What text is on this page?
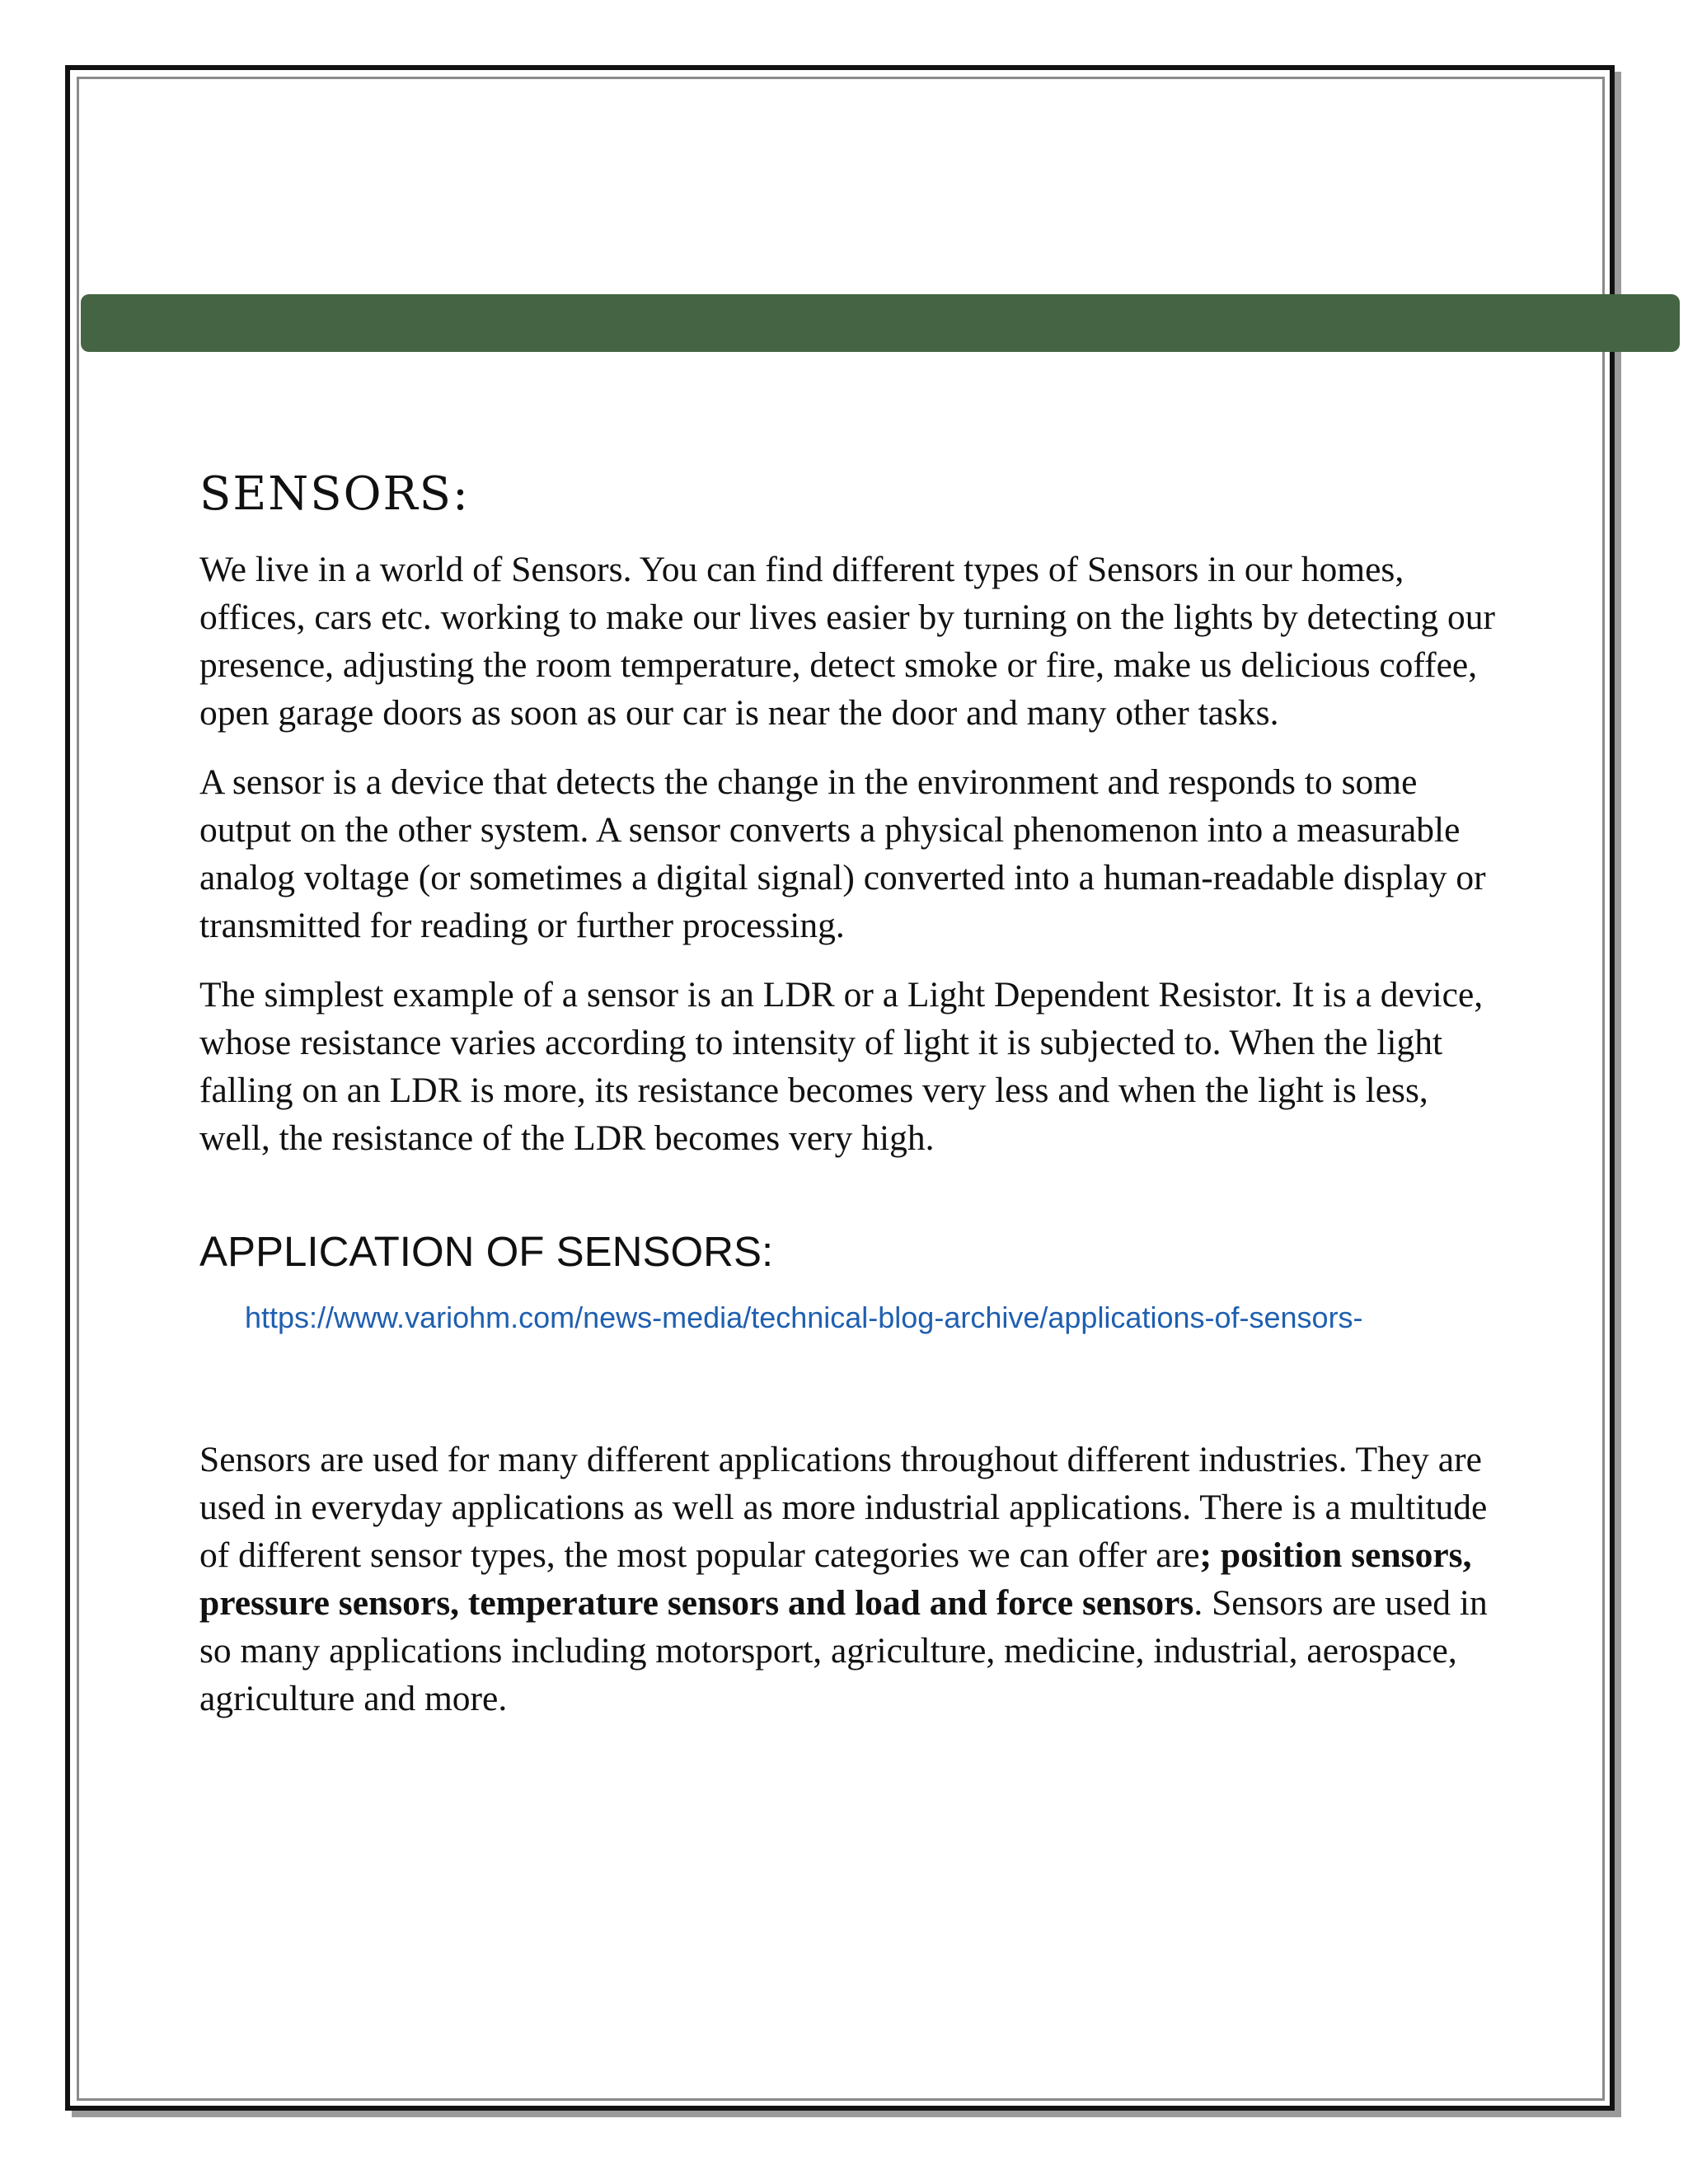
SENSORS:

We live in a world of Sensors. You can find different types of Sensors in our homes, offices, cars etc. working to make our lives easier by turning on the lights by detecting our presence, adjusting the room temperature, detect smoke or fire, make us delicious coffee, open garage doors as soon as our car is near the door and many other tasks.

A sensor is a device that detects the change in the environment and responds to some output on the other system. A sensor converts a physical phenomenon into a measurable analog voltage (or sometimes a digital signal) converted into a human-readable display or transmitted for reading or further processing.

The simplest example of a sensor is an LDR or a Light Dependent Resistor. It is a device, whose resistance varies according to intensity of light it is subjected to. When the light falling on an LDR is more, its resistance becomes very less and when the light is less, well, the resistance of the LDR becomes very high.

APPLICATION OF SENSORS:
https://www.variohm.com/news-media/technical-blog-archive/applications-of-sensors-

Sensors are used for many different applications throughout different industries. They are used in everyday applications as well as more industrial applications. There is a multitude of different sensor types, the most popular categories we can offer are; position sensors, pressure sensors, temperature sensors and load and force sensors. Sensors are used in so many applications including motorsport, agriculture, medicine, industrial, aerospace, agriculture and more.
